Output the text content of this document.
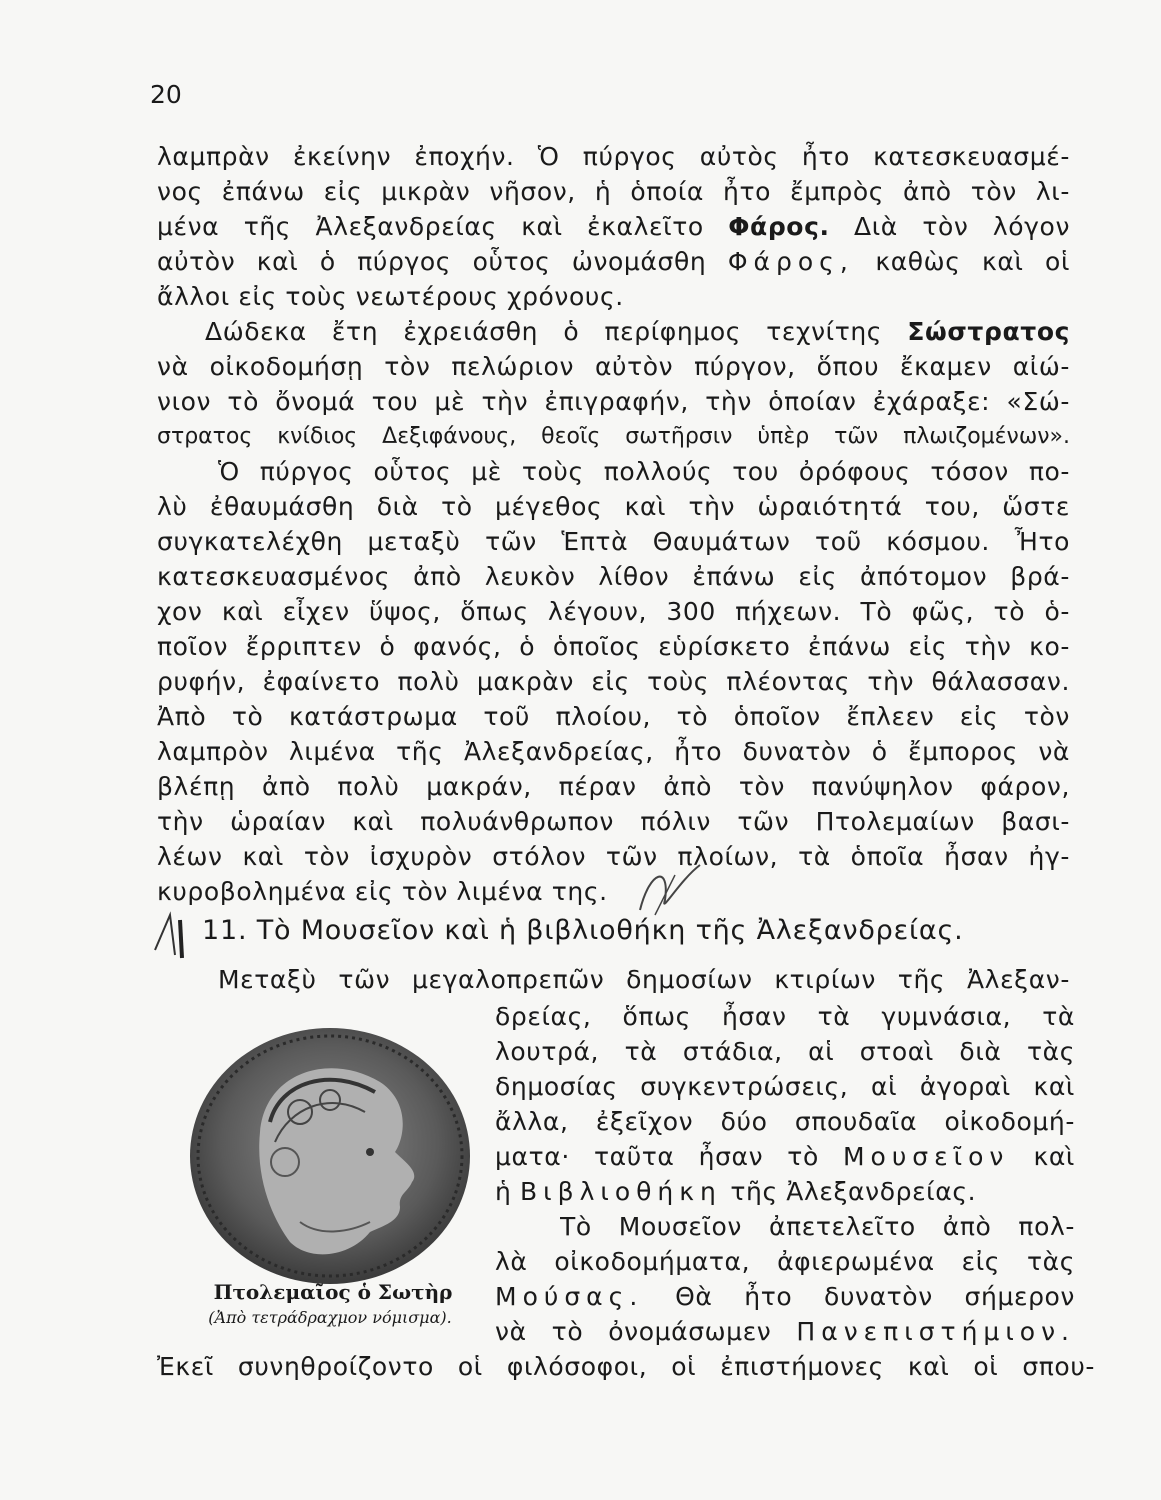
20
λαμπρὰν ἐκείνην ἐποχήν. Ὁ πύργος αὐτὸς ἦτο κατεσκευασμέ-
νος ἐπάνω εἰς μικρὰν νῆσον, ἡ ὁποία ἦτο ἔμπρὸς ἀπὸ τὸν λι-
μένα τῆς Ἀλεξανδρείας καὶ ἐκαλεῖτο Φάρος. Διὰ τὸν λόγον
αὐτὸν καὶ ὁ πύργος οὗτος ὠνομάσθη Φάρος, καθὼς καὶ οἱ
ἄλλοι εἰς τοὺς νεωτέρους χρόνους.
Δώδεκα ἔτη ἐχρειάσθη ὁ περίφημος τεχνίτης Σώστρατος
νὰ οἰκοδομήσῃ τὸν πελώριον αὐτὸν πύργον, ὅπου ἔκαμεν αἰώ-
νιον τὸ ὄνομά του μὲ τὴν ἐπιγραφήν, τὴν ὁποίαν ἐχάραξε: «Σώ-
στρατος κνίδιος Δεξιφάνους, θεοῖς σωτῆρσιν ὑπὲρ τῶν πλωιζομένων».
Ὁ πύργος οὗτος μὲ τοὺς πολλούς του ὀρόφους τόσον πο-
λὺ ἐθαυμάσθη διὰ τὸ μέγεθος καὶ τὴν ὡραιότητά του, ὥστε
συγκατελέχθη μεταξὺ τῶν Ἑπτὰ Θαυμάτων τοῦ κόσμου. Ἦτο
κατεσκευασμένος ἀπὸ λευκὸν λίθον ἐπάνω εἰς ἀπότομον βρά-
χον καὶ εἶχεν ὕψος, ὅπως λέγουν, 300 πήχεων. Τὸ φῶς, τὸ ὁ-
ποῖον ἔρριπτεν ὁ φανός, ὁ ὁποῖος εὑρίσκετο ἐπάνω εἰς τὴν κο-
ρυφήν, ἐφαίνετο πολὺ μακρὰν εἰς τοὺς πλέοντας τὴν θάλασσαν.
Ἀπὸ τὸ κατάστρωμα τοῦ πλοίου, τὸ ὁποῖον ἔπλεεν εἰς τὸν
λαμπρὸν λιμένα τῆς Ἀλεξανδρείας, ἦτο δυνατὸν ὁ ἔμπορος νὰ
βλέπῃ ἀπὸ πολὺ μακράν, πέραν ἀπὸ τὸν πανύψηλον φάρον,
τὴν ὡραίαν καὶ πολυάνθρωπον πόλιν τῶν Πτολεμαίων βασι-
λέων καὶ τὸν ἰσχυρὸν στόλον τῶν πλοίων, τὰ ὁποῖα ἦσαν ἠγ-
κυροβολημένα εἰς τὸν λιμένα της.
11. Τὸ Μουσεῖον καὶ ἡ βιβλιοθήκη τῆς Ἀλεξανδρείας.
Μεταξὺ τῶν μεγαλοπρεπῶν δημοσίων κτιρίων τῆς Ἀλεξαν-
Πτολεμαῖος ὁ Σωτὴρ
(Ἀπὸ τετράδραχμον νόμισμα).
δρείας, ὅπως ἦσαν τὰ γυμνάσια, τὰ
λουτρά, τὰ στάδια, αἱ στοαὶ διὰ τὰς
δημοσίας συγκεντρώσεις, αἱ ἀγοραὶ καὶ
ἄλλα, ἐξεῖχον δύο σπουδαῖα οἰκοδομή-
ματα· ταῦτα ἦσαν τὸ Μουσεῖον καὶ
ἡ Βιβλιοθήκη τῆς Ἀλεξανδρείας.
Τὸ Μουσεῖον ἀπετελεῖτο ἀπὸ πολ-
λὰ οἰκοδομήματα, ἀφιερωμένα εἰς τὰς
Μούσας. Θὰ ἦτο δυνατὸν σήμερον
νὰ τὸ ὀνομάσωμεν Πανεπιστήμιον.
Ἐκεῖ συνηθροίζοντο οἱ φιλόσοφοι, οἱ ἐπιστήμονες καὶ οἱ σπου-
